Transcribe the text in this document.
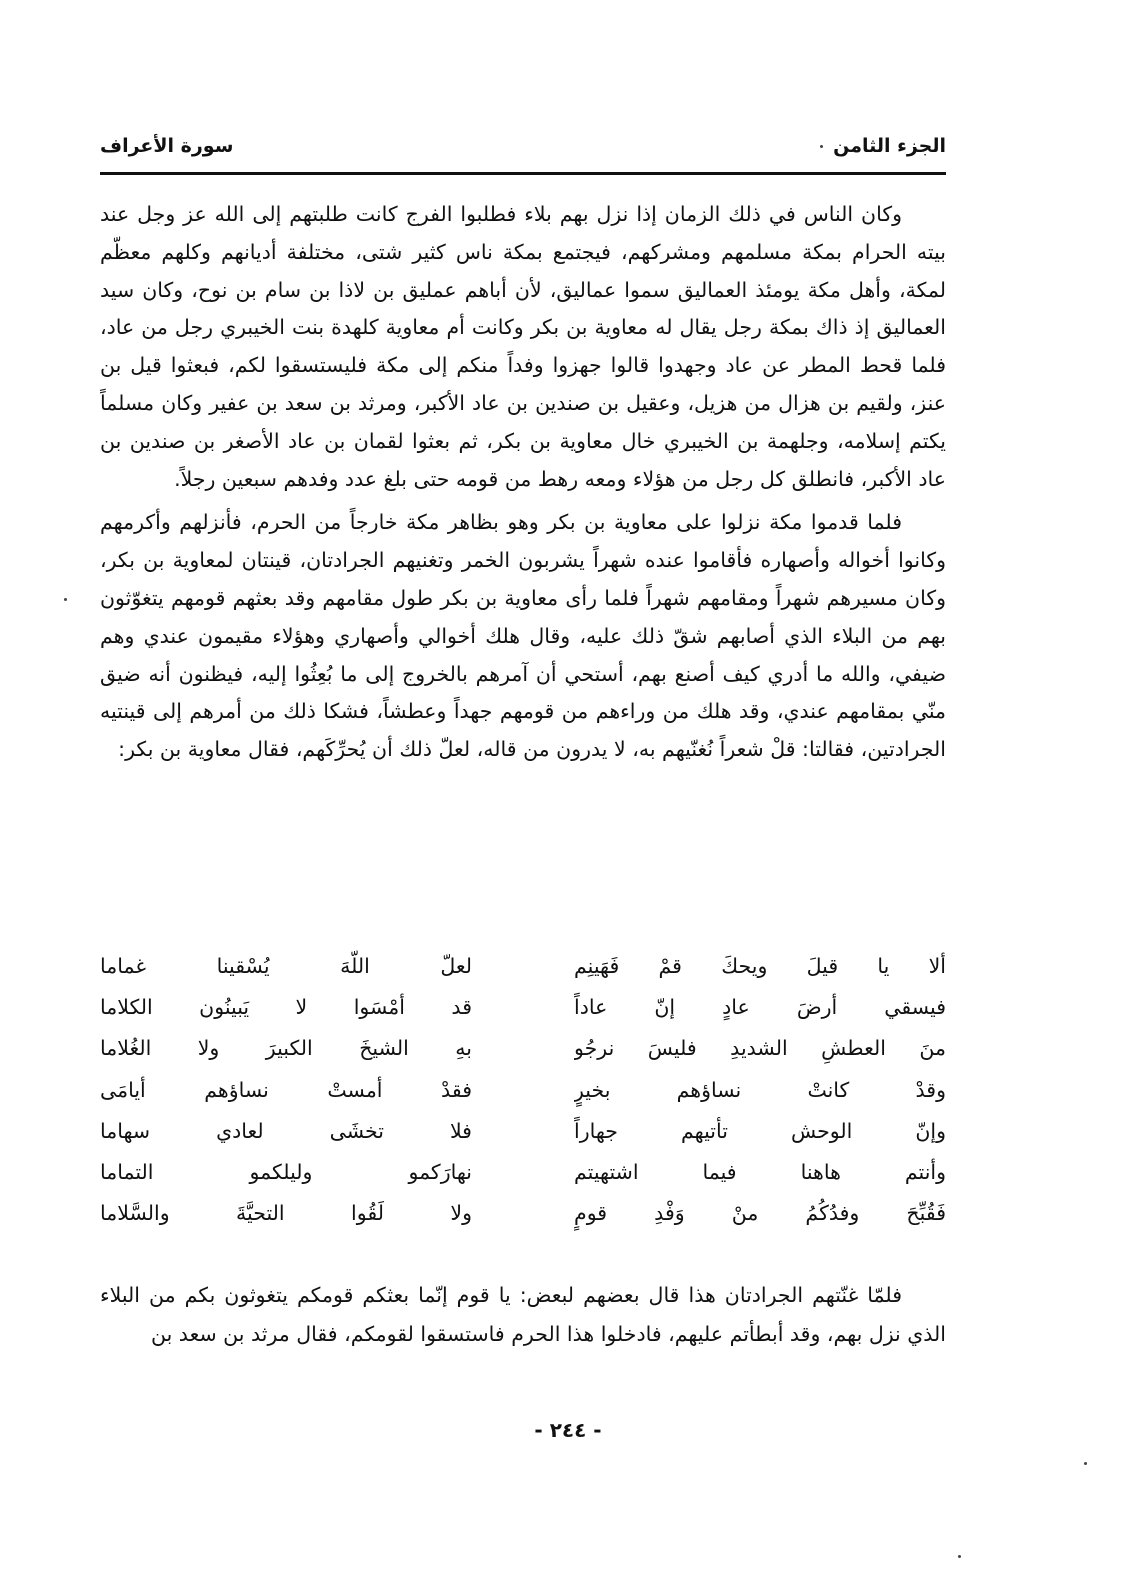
الجزء الثامن
سورة الأعراف

وكان الناس في ذلك الزمان إذا نزل بهم بلاء فطلبوا الفرج كانت طلبتهم إلى الله عز وجل عند بيته الحرام بمكة مسلمهم ومشركهم، فيجتمع بمكة ناس كثير شتى، مختلفة أديانهم وكلهم معظّم لمكة، وأهل مكة يومئذ العماليق سموا عماليق، لأن أباهم عمليق بن لاذا بن سام بن نوح، وكان سيد العماليق إذ ذاك بمكة رجل يقال له معاوية بن بكر وكانت أم معاوية كلهدة بنت الخيبري رجل من عاد، فلما قحط المطر عن عاد وجهدوا قالوا جهزوا وفداً منكم إلى مكة فليستسقوا لكم، فبعثوا قيل بن عنز، ولقيم بن هزال من هزيل، وعقيل بن صندين بن عاد الأكبر، ومرثد بن سعد بن عفير وكان مسلماً يكتم إسلامه، وجلهمة بن الخيبري خال معاوية بن بكر، ثم بعثوا لقمان بن عاد الأصغر بن صندين بن عاد الأكبر، فانطلق كل رجل من هؤلاء ومعه رهط من قومه حتى بلغ عدد وفدهم سبعين رجلاً.

فلما قدموا مكة نزلوا على معاوية بن بكر وهو بظاهر مكة خارجاً من الحرم، فأنزلهم وأكرمهم وكانوا أخواله وأصهاره فأقاموا عنده شهراً يشربون الخمر وتغنيهم الجرادتان، قينتان لمعاوية بن بكر، وكان مسيرهم شهراً ومقامهم شهراً فلما رأى معاوية بن بكر طول مقامهم وقد بعثهم قومهم يتغوّثون بهم من البلاء الذي أصابهم شقّ ذلك عليه، وقال هلك أخوالي وأصهاري وهؤلاء مقيمون عندي وهم ضيفي، والله ما أدري كيف أصنع بهم، أستحي أن آمرهم بالخروج إلى ما بُعِثُوا إليه، فيظنون أنه ضيق منّي بمقامهم عندي، وقد هلك من وراءهم من قومهم جهداً وعطشاً، فشكا ذلك من أمرهم إلى قينتيه الجرادتين، فقالتا: قلْ شعراً نُغنّيهم به، لا يدرون من قاله، لعلّ ذلك أن يُحرِّكَهم، فقال معاوية بن بكر:

ألا يا قيلَ ويحكَ قمْ فَهَينِم
لعلّ اللّهَ يُسْقينا غماما
فيسقي أرضَ عادٍ إنّ عاداً
قد أمْسَوا لا يَبينُون الكلاما
منَ العطشِ الشديدِ فليسَ نرجُو
بهِ الشيخَ الكبيرَ ولا الغُلاما
وقدْ كانتْ نساؤهم بخيرٍ
فقدْ أمستْ نساؤهم أيامَى
وإنّ الوحش تأتيهم جهاراً
فلا تخشَى لعادي سهاما
وأنتم هاهنا فيما اشتهيتم
نهارَكمو وليلكمو التماما
فَقُبِّحَ وفدُكُمُ منْ وَفْدِ قومٍ
ولا لَقُوا التحيَّةَ والسَّلاما

فلمّا غنّتهم الجرادتان هذا قال بعضهم لبعض: يا قوم إنّما بعثكم قومكم يتغوثون بكم من البلاء الذي نزل بهم، وقد أبطأتم عليهم، فادخلوا هذا الحرم فاستسقوا لقومكم، فقال مرثد بن سعد بن

- ٢٤٤ -
